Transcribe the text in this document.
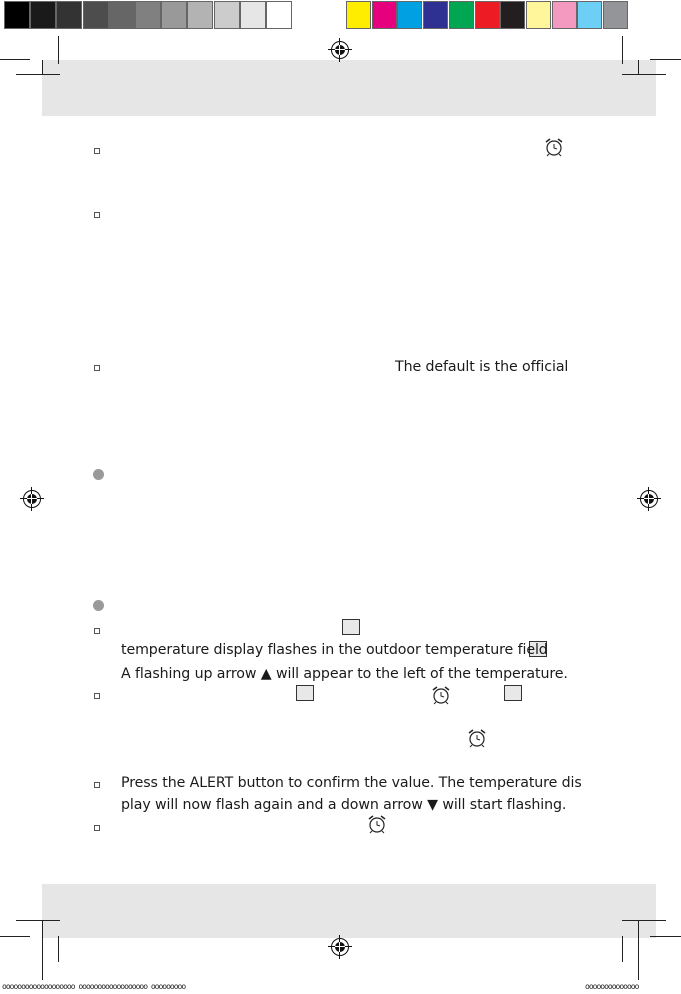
The default is the official
temperature display flashes in the outdoor temperature field
A flashing up arrow ▲ will appear to the left of the temperature.
Press the ALERT button to confirm the value. The temperature dis
play will now flash again and a down arrow ▼ will start flashing.
ooooooooooooooooooo oooooooooooooooooo ooooooooo	oooooooooooooo
